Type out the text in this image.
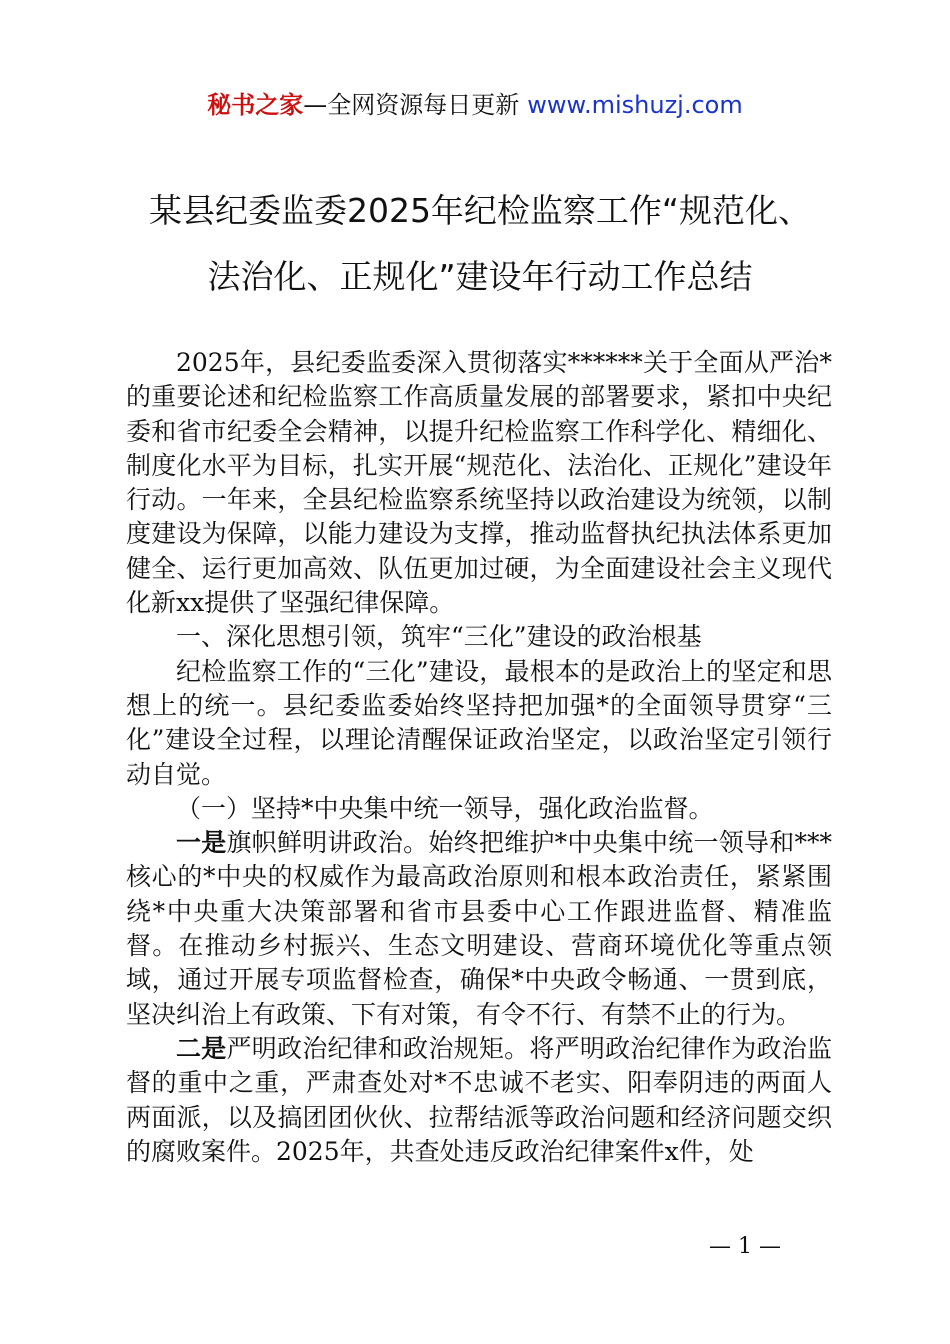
秘书之家—全网资源每日更新 www.mishuzj.com
某县纪委监委2025年纪检监察工作“规范化、
法治化、正规化”建设年行动工作总结

2025年，县纪委监委深入贯彻落实******关于全面从严治*的重要论述和纪检监察工作高质量发展的部署要求，紧扣中央纪委和省市纪委全会精神，以提升纪检监察工作科学化、精细化、制度化水平为目标，扎实开展“规范化、法治化、正规化”建设年行动。一年来，全县纪检监察系统坚持以政治建设为统领，以制度建设为保障，以能力建设为支撑，推动监督执纪执法体系更加健全、运行更加高效、队伍更加过硬，为全面建设社会主义现代化新xx提供了坚强纪律保障。

一、深化思想引领，筑牢“三化”建设的政治根基

纪检监察工作的“三化”建设，最根本的是政治上的坚定和思想上的统一。县纪委监委始终坚持把加强*的全面领导贯穿“三化”建设全过程，以理论清醒保证政治坚定，以政治坚定引领行动自觉。

（一）坚持*中央集中统一领导，强化政治监督。

一是旗帜鲜明讲政治。始终把维护*中央集中统一领导和***核心的*中央的权威作为最高政治原则和根本政治责任，紧紧围绕*中央重大决策部署和省市县委中心工作跟进监督、精准监督。在推动乡村振兴、生态文明建设、营商环境优化等重点领域，通过开展专项监督检查，确保*中央政令畅通、一贯到底，坚决纠治上有政策、下有对策，有令不行、有禁不止的行为。

二是严明政治纪律和政治规矩。将严明政治纪律作为政治监督的重中之重，严肃查处对*不忠诚不老实、阳奉阴违的两面人两面派，以及搞团团伙伙、拉帮结派等政治问题和经济问题交织的腐败案件。2025年，共查处违反政治纪律案件x件，处

— 1 —
